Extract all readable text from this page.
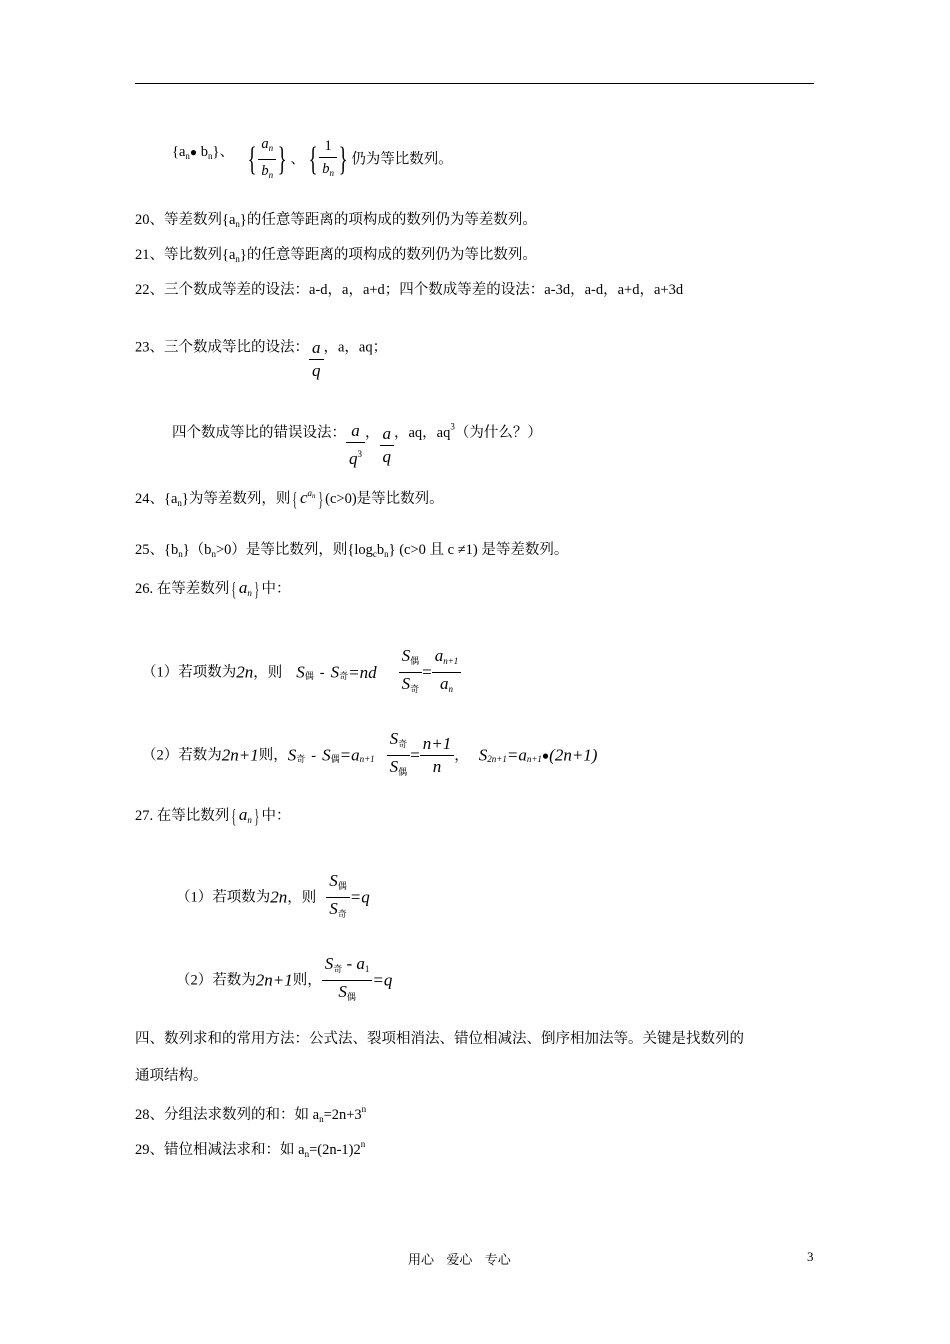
{$a_n●$ $b_n$}、 { $\frac{a_n}{b_n}$ } 、 { $\frac{1}{b_n}$ } 仍为等比数列。
20、等差数列$\{a_n\}$的任意等距离的项构成的数列仍为等差数列。
21、等比数列$\{a_n\}$的任意等距离的项构成的数列仍为等比数列。
22、三个数成等差的设法：a-d，a，a+d；四个数成等差的设法：a-3d，a-d，a+d，a+3d
23、三个数成等比的设法： $\frac{a}{q}$ ，a，aq；
四个数成等比的错误设法： $\frac{a}{q^3}$ ， $\frac{a}{q}$ ，aq，$aq^3$（为什么？）
24、$\{a_n\}$为等差数列，则 { $c^{an}$ } (c>0)是等比数列。
25、$\{b_n\}(b_n>0)$是等比数列，则$\{\log_cb_n\}$ (c>0 且 c ≠1) 是等差数列。
26. 在等差数列 { $a_n$ } 中：
（1）若项数为2n，则 $S_偶 - S_奇=nd \frac{S_偶}{S_奇} = \frac{a_{n+1}}{a_n}$
（2）若数为2n+1则，$S_奇 - S_偶=a_{n+1} \frac{S_奇}{S_偶} = \frac{n+1}{n}$ ， $S_{2n+1}=a_{n+1}●(2n+1)$
27. 在等比数列 { $a_n$ } 中：
（1）若项数为2n，则 $\frac{S_偶}{S_奇} =q$
（2）若数为2n+1则， $\frac{S_奇 - a_1}{S_偶} =q$
四、数列求和的常用方法：公式法、裂项相消法、错位相减法、倒序相加法等。关键是找数列的
通项结构。
28、分组法求数列的和：如 $a_n=2n+3^n$
29、错位相减法求和：如 $a_n=(2n-1)2^n$
用心   爱心   专心	3
